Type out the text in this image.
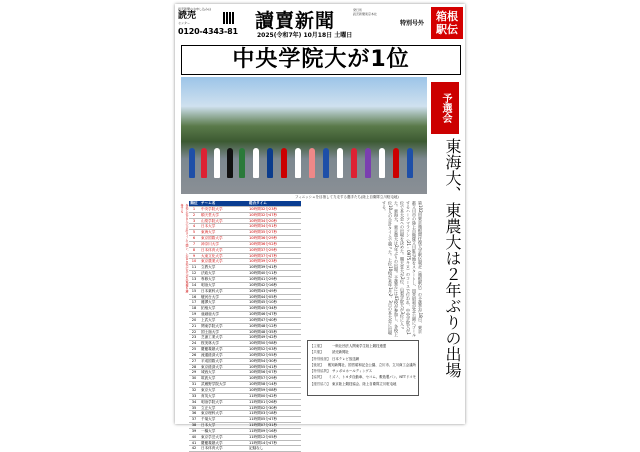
読売新聞のお申し込みは
読売
センター
0120-4343-81 讀賣新聞
2025(令和7年) 10月18日 土曜日
発行所
読売新聞東京本社
特別号外
箱根
駅伝
中央学院大が1位
フィニッシュを目指して力走する選手たち(陸上自衛隊立川駐屯地)
予選会
東海大、東農大は２年ぶりの出場
各校上位10人の合計タイムで競い、上位10校が本大会出場権を獲得する
順位 チーム名	総合タイム
1	中央学院大学	10時間32分23秒
2	順天堂大学	10時間32分47秒
3	山梨学院大学	10時間34分20秒
4	日本大学	10時間34分51秒
5	東海大学	10時間35分27秒
6	東京国際大学	10時間36分29秒
7	神奈川大学	10時間36分52秒
8	日本体育大学	10時間37分29秒
9	大東文化大学	10時間37分47秒
10	東京農業大学	10時間39分23秒
11	立教大学	10時間39分41秒
12	法政大学	10時間40分11秒
13	専修大学	10時間41分29秒
14	明治大学	10時間42分16秒
15	日本薬科大学	10時間43分49秒
16	駿河台大学	10時間44分05秒
17	麗澤大学	10時間45分10秒
18	拓殖大学	10時間45分34秒
19	亜細亜大学	10時間46分47秒
20	上武大学	10時間47分40秒
21	関東学院大学	10時間48分12秒
22	国士舘大学	10時間48分35秒
23	芝浦工業大学	10時間49分42秒
24	桜美林大学	10時間50分58秒
25	慶應義塾大学	10時間52分03秒
26	流通経済大学	10時間52分55秒
27	平成国際大学	10時間54分30秒
28	東京経済大学	10時間55分41秒
29	城西大学	10時間56分07秒
30	筑波大学	10時間57分29秒
31	武蔵野学院大学	10時間58分14秒
32	東京大学	10時間59分08秒
33	育英大学	11時間00分42秒
34	明治学院大学	11時間01分26秒
35	立正大学	11時間02分30秒
36	東京理科大学	11時間03分18秒
37	千葉大学	11時間05分47秒
38	日本大学	11時間07分31秒
39	一橋大学	11時間09分16秒
40	東京学芸大学	11時間12分05秒
41	慶應義塾大学	11時間14分47秒
42	日本体育大学	記録なし
第102回東京箱根間往復大学駅伝競走（箱根駅伝）の予選会が18日、東京都立川市の陸上自衛隊立川駐屯地をスタートし、国営昭和記念公園にゴールするハーフマラソン（21・0975キロ）のコースで行われ、中央学院大が1位で本大会への出場を決めた。順天堂大が2位、山梨学院大が3位に入った。東海大、東京農大は2年ぶりの出場。予選会には43校が参加し、各校上位10人の合計タイムで競った。上位10校が来年1月2、3日の本大会に出場する。
【主催】	一般社団法人関東学生陸上競技連盟
【共催】	読売新聞社
【特別後援】 日本テレビ放送網
【後援】	報知新聞社、国営昭和記念公園、立川市、立川商工会議所
【特別協賛】 サッポロホールディングス
【協賛】	ミズノ、トヨタ自動車、セコム、敷島製パン、NTTドコモ
【運営協力】 東京陸上競技協会、陸上自衛隊立川駐屯地
